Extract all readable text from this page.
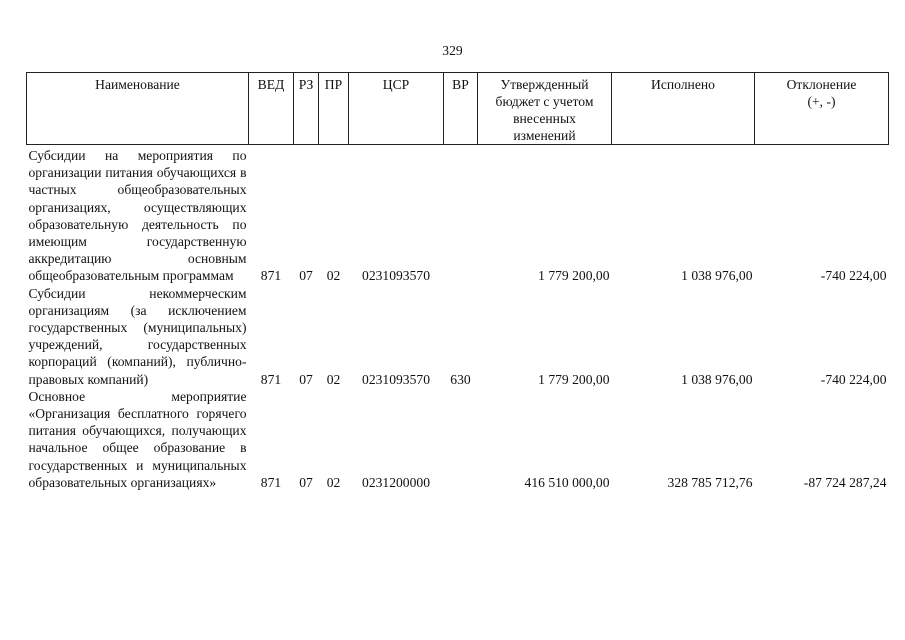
329
Наименование	ВЕД	РЗ	ПР	ЦСР	ВР	Утвержденный бюджет с учетом внесенных изменений	Исполнено	Отклонение (+, -)
Субсидии на мероприятия по организации питания обучающихся в частных общеобразовательных организациях, осуществляющих образовательную деятельность по имеющим государственную аккредитацию основным общеобразовательным программам	871	07	02	0231093570		1 779 200,00	1 038 976,00	-740 224,00
Субсидии некоммерческим организациям (за исключением государственных (муниципальных) учреждений, государственных корпораций (компаний), публично-правовых компаний)	871	07	02	0231093570	630	1 779 200,00	1 038 976,00	-740 224,00
Основное мероприятие «Организация бесплатного горячего питания обучающихся, получающих начальное общее образование в государственных и муниципальных образовательных организациях»	871	07	02	0231200000		416 510 000,00	328 785 712,76	-87 724 287,24
